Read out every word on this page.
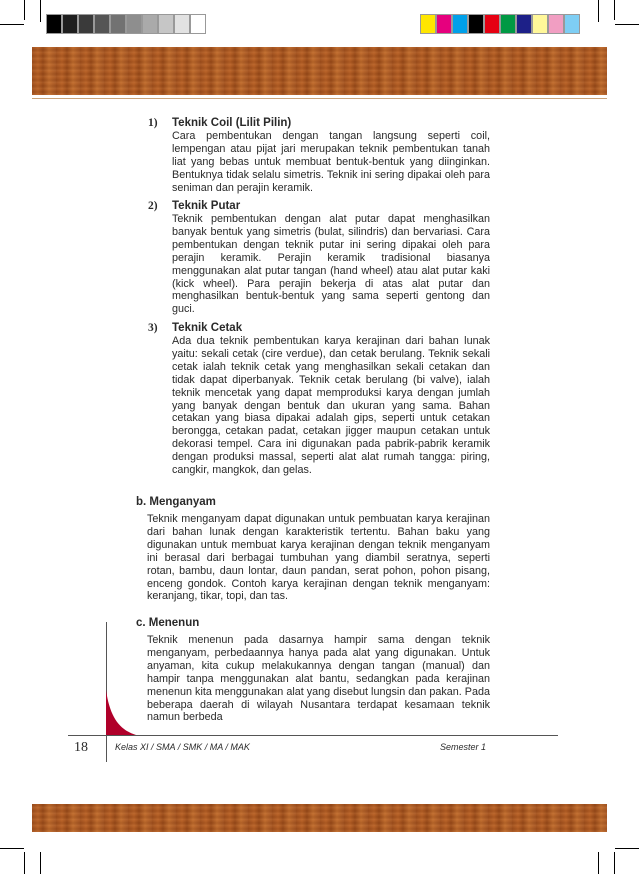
1) Teknik Coil (Lilit Pilin)
Cara pembentukan dengan tangan langsung seperti coil, lempengan atau pijat jari merupakan teknik pembentukan tanah liat yang bebas untuk membuat bentuk-bentuk yang diinginkan. Bentuknya tidak selalu simetris. Teknik ini sering dipakai oleh para seniman dan perajin keramik.
2) Teknik Putar
Teknik pembentukan dengan alat putar dapat menghasilkan banyak bentuk yang simetris (bulat, silindris) dan bervariasi. Cara pembentukan dengan teknik putar ini sering dipakai oleh para perajin keramik. Perajin keramik tradisional biasanya menggunakan alat putar tangan (hand wheel) atau alat putar kaki (kick wheel). Para perajin bekerja di atas alat putar dan menghasilkan bentuk-bentuk yang sama seperti gentong dan guci.
3) Teknik Cetak
Ada dua teknik pembentukan karya kerajinan dari bahan lunak yaitu: sekali cetak (cire verdue), dan cetak berulang. Teknik sekali cetak ialah teknik cetak yang menghasilkan sekali cetakan dan tidak dapat diperbanyak. Teknik cetak berulang (bi valve), ialah teknik mencetak yang dapat memproduksi karya dengan jumlah yang banyak dengan bentuk dan ukuran yang sama. Bahan cetakan yang biasa dipakai adalah gips, seperti untuk cetakan berongga, cetakan padat, cetakan jigger maupun cetakan untuk dekorasi tempel. Cara ini digunakan pada pabrik-pabrik keramik dengan produksi massal, seperti alat alat rumah tangga: piring, cangkir, mangkok, dan gelas.
b. Menganyam
Teknik menganyam dapat digunakan untuk pembuatan karya kerajinan dari bahan lunak dengan karakteristik tertentu. Bahan baku yang digunakan untuk membuat karya kerajinan dengan teknik menganyam ini berasal dari berbagai tumbuhan yang diambil seratnya, seperti rotan, bambu, daun lontar, daun pandan, serat pohon, pohon pisang, enceng gondok. Contoh karya kerajinan dengan teknik menganyam: keranjang, tikar, topi, dan tas.
c. Menenun
Teknik menenun pada dasarnya hampir sama dengan teknik menganyam, perbedaannya hanya pada alat yang digunakan. Untuk anyaman, kita cukup melakukannya dengan tangan (manual) dan hampir tanpa menggunakan alat bantu, sedangkan pada kerajinan menenun kita menggunakan alat yang disebut lungsin dan pakan. Pada beberapa daerah di wilayah Nusantara terdapat kesamaan teknik namun berbeda
18	Kelas XI / SMA / SMK / MA / MAK	Semester 1
